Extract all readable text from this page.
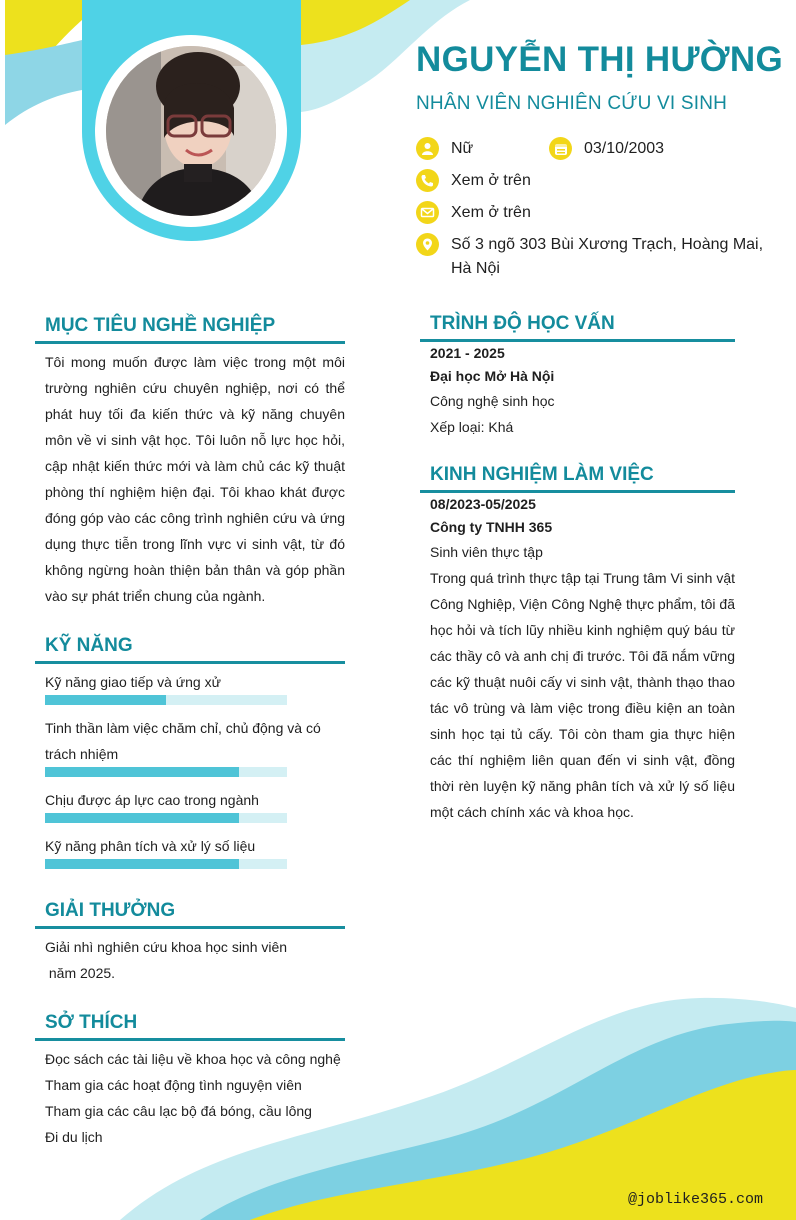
NGUYỄN THỊ HƯỜNG
NHÂN VIÊN NGHIÊN CỨU VI SINH
Nữ	03/10/2003
Xem ở trên
Xem ở trên
Số 3 ngõ 303 Bùi Xương Trạch, Hoàng Mai,
Hà Nội
MỤC TIÊU NGHỀ NGHIỆP
Tôi mong muốn được làm việc trong một môi trường nghiên cứu chuyên nghiệp, nơi có thể phát huy tối đa kiến thức và kỹ năng chuyên môn về vi sinh vật học. Tôi luôn nỗ lực học hỏi, cập nhật kiến thức mới và làm chủ các kỹ thuật phòng thí nghiệm hiện đại. Tôi khao khát được đóng góp vào các công trình nghiên cứu và ứng dụng thực tiễn trong lĩnh vực vi sinh vật, từ đó không ngừng hoàn thiện bản thân và góp phần vào sự phát triển chung của ngành.
KỸ NĂNG
Kỹ năng giao tiếp và ứng xử
Tinh thần làm việc chăm chỉ, chủ động và có trách nhiệm
Chịu được áp lực cao trong ngành
Kỹ năng phân tích và xử lý số liệu
GIẢI THƯỞNG
Giải nhì nghiên cứu khoa học sinh viên
năm 2025.
SỞ THÍCH
Đọc sách các tài liệu về khoa học và công nghệ
Tham gia các hoạt động tình nguyện viên
Tham gia các câu lạc bộ đá bóng, cầu lông
Đi du lịch
TRÌNH ĐỘ HỌC VẤN
2021 - 2025
Đại học Mở Hà Nội
Công nghệ sinh học
Xếp loại: Khá
KINH NGHIỆM LÀM VIỆC
08/2023-05/2025
Công ty TNHH 365
Sinh viên thực tập
Trong quá trình thực tập tại Trung tâm Vi sinh vật Công Nghiệp, Viện Công Nghệ thực phẩm, tôi đã học hỏi và tích lũy nhiều kinh nghiệm quý báu từ các thầy cô và anh chị đi trước. Tôi đã nắm vững các kỹ thuật nuôi cấy vi sinh vật, thành thạo thao tác vô trùng và làm việc trong điều kiện an toàn sinh học tại tủ cấy. Tôi còn tham gia thực hiện các thí nghiệm liên quan đến vi sinh vật, đồng thời rèn luyện kỹ năng phân tích và xử lý số liệu một cách chính xác và khoa học.
@joblike365.com
